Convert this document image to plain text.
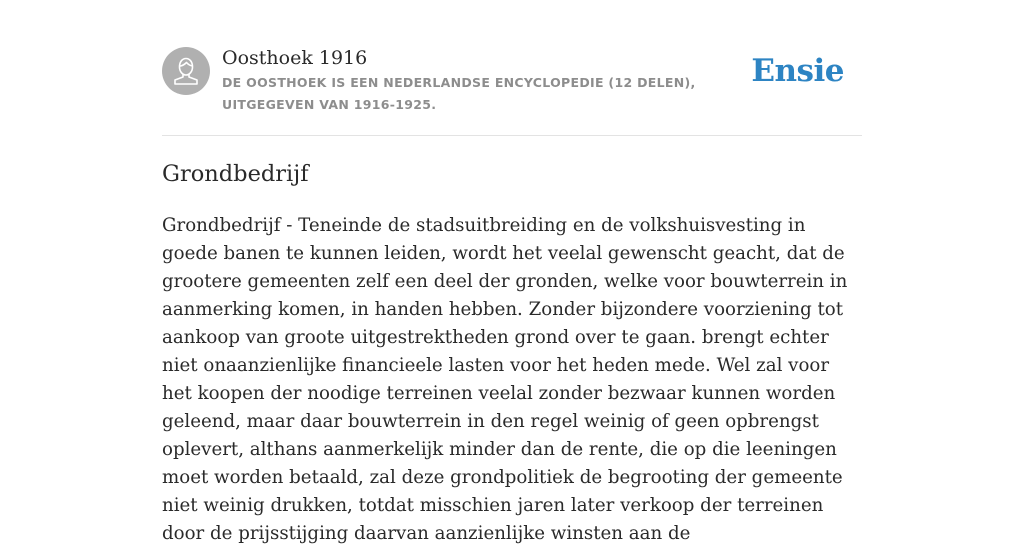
Oosthoek 1916
DE OOSTHOEK IS EEN NEDERLANDSE ENCYCLOPEDIE (12 DELEN), UITGEGEVEN VAN 1916-1925.
Ensie
Grondbedrijf

Grondbedrijf - Teneinde de stadsuitbreiding en de volkshuisvesting in goede banen te kunnen leiden, wordt het veelal gewenscht geacht, dat de grootere gemeenten zelf een deel der gronden, welke voor bouwterrein in aanmerking komen, in handen hebben. Zonder bijzondere voorziening tot aankoop van groote uitgestrektheden grond over te gaan. brengt echter niet onaanzienlijke financieele lasten voor het heden mede. Wel zal voor het koopen der noodige terreinen veelal zonder bezwaar kunnen worden geleend, maar daar bouwterrein in den regel weinig of geen opbrengst oplevert, althans aanmerkelijk minder dan de rente, die op die leeningen moet worden betaald, zal deze grondpolitiek de begrooting der gemeente niet weinig drukken, totdat misschien jaren later verkoop der terreinen door de prijsstijging daarvan aanzienlijke winsten aan de
